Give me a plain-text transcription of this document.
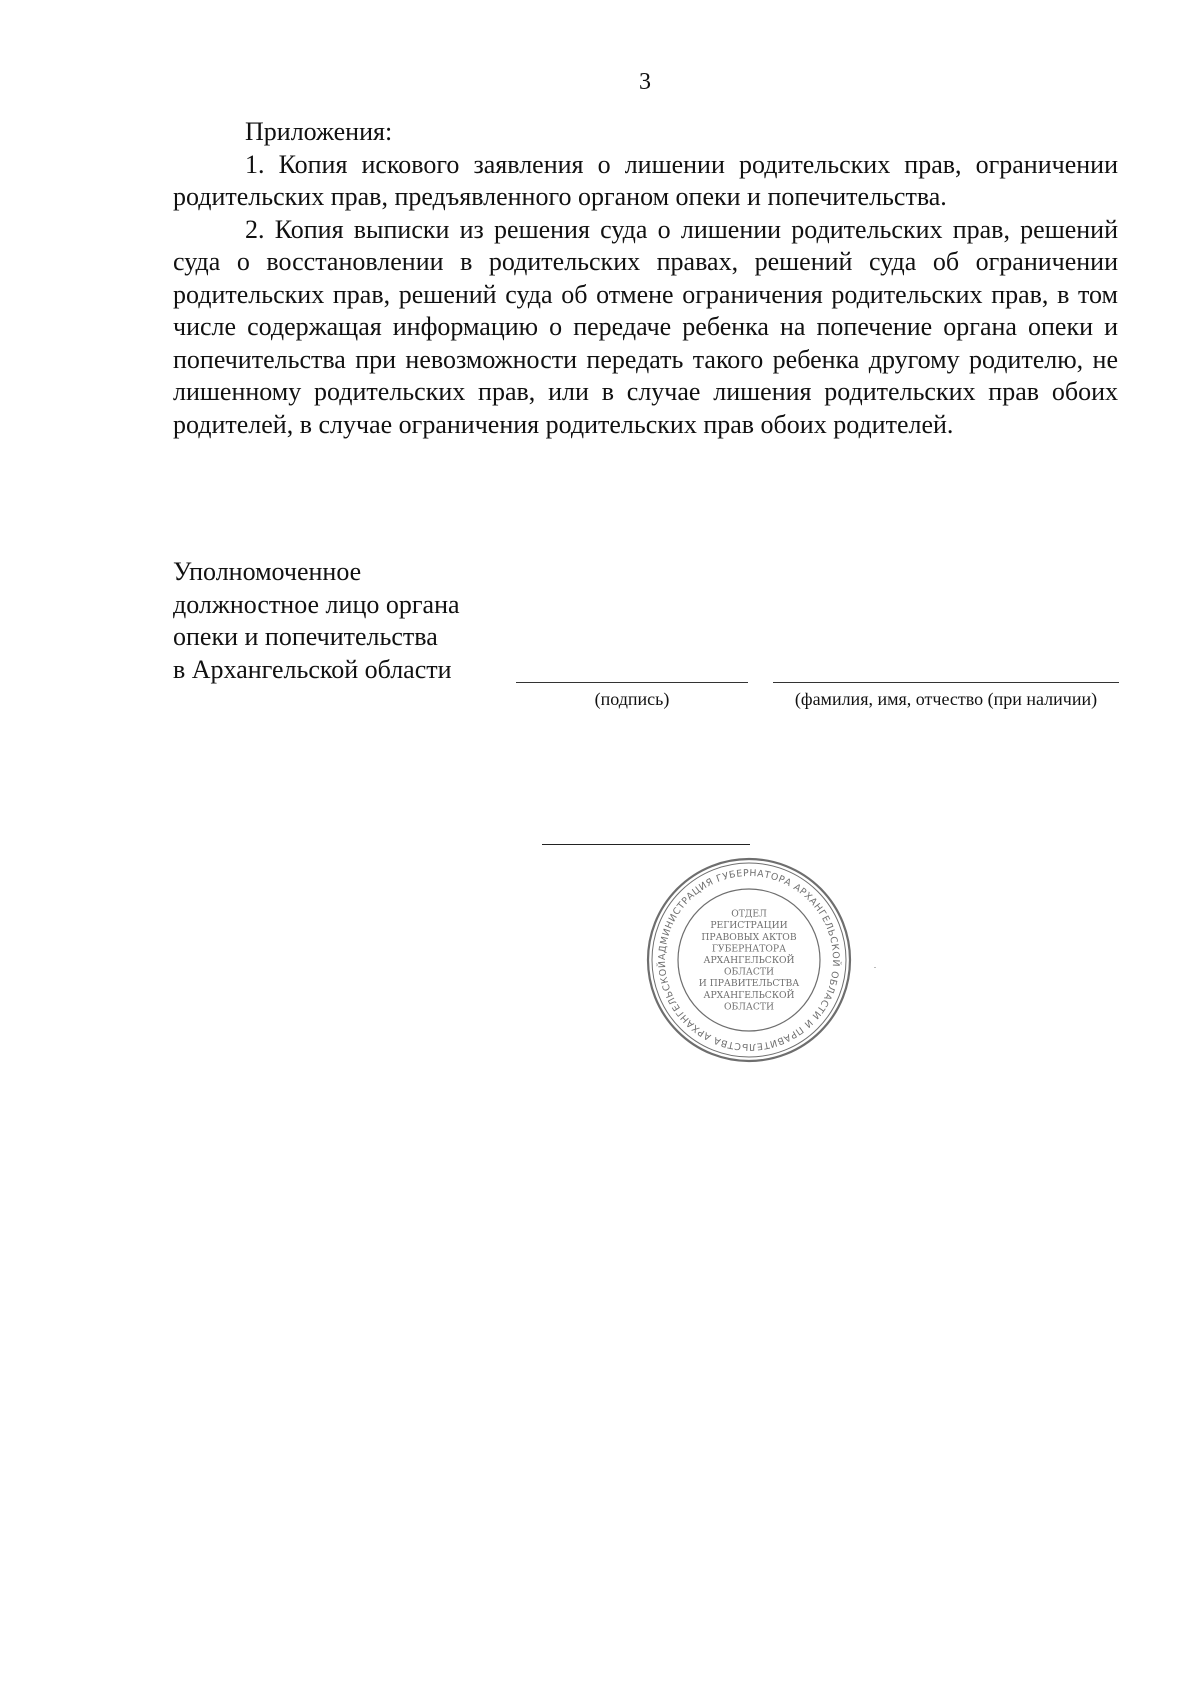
3

Приложения:

1. Копия искового заявления о лишении родительских прав, ограничении родительских прав, предъявленного органом опеки и попечительства.

2. Копия выписки из решения суда о лишении родительских прав, решений суда о восстановлении в родительских правах, решений суда об ограничении родительских прав, решений суда об отмене ограничения родительских прав, в том числе содержащая информацию о передаче ребенка на попечение органа опеки и попечительства при невозможности передать такого ребенка другому родителю, не лишенному родительских прав, или в случае лишения родительских прав обоих родителей, в случае ограничения родительских прав обоих родителей.

Уполномоченное
должностное лицо органа
опеки и попечительства
в Архангельской области
(подпись)	(фамилия, имя, отчество (при наличии)
АДМИНИСТРАЦИЯ ГУБЕРНАТОРА АРХАНГЕЛЬСКОЙ ОБЛАСТИ И ПРАВИТЕЛЬСТВА АРХАНГЕЛЬСКОЙ
ОТДЕЛ
РЕГИСТРАЦИИ
ПРАВОВЫХ АКТОВ
ГУБЕРНАТОРА
АРХАНГЕЛЬСКОЙ
ОБЛАСТИ
И ПРАВИТЕЛЬСТВА
АРХАНГЕЛЬСКОЙ
ОБЛАСТИ
